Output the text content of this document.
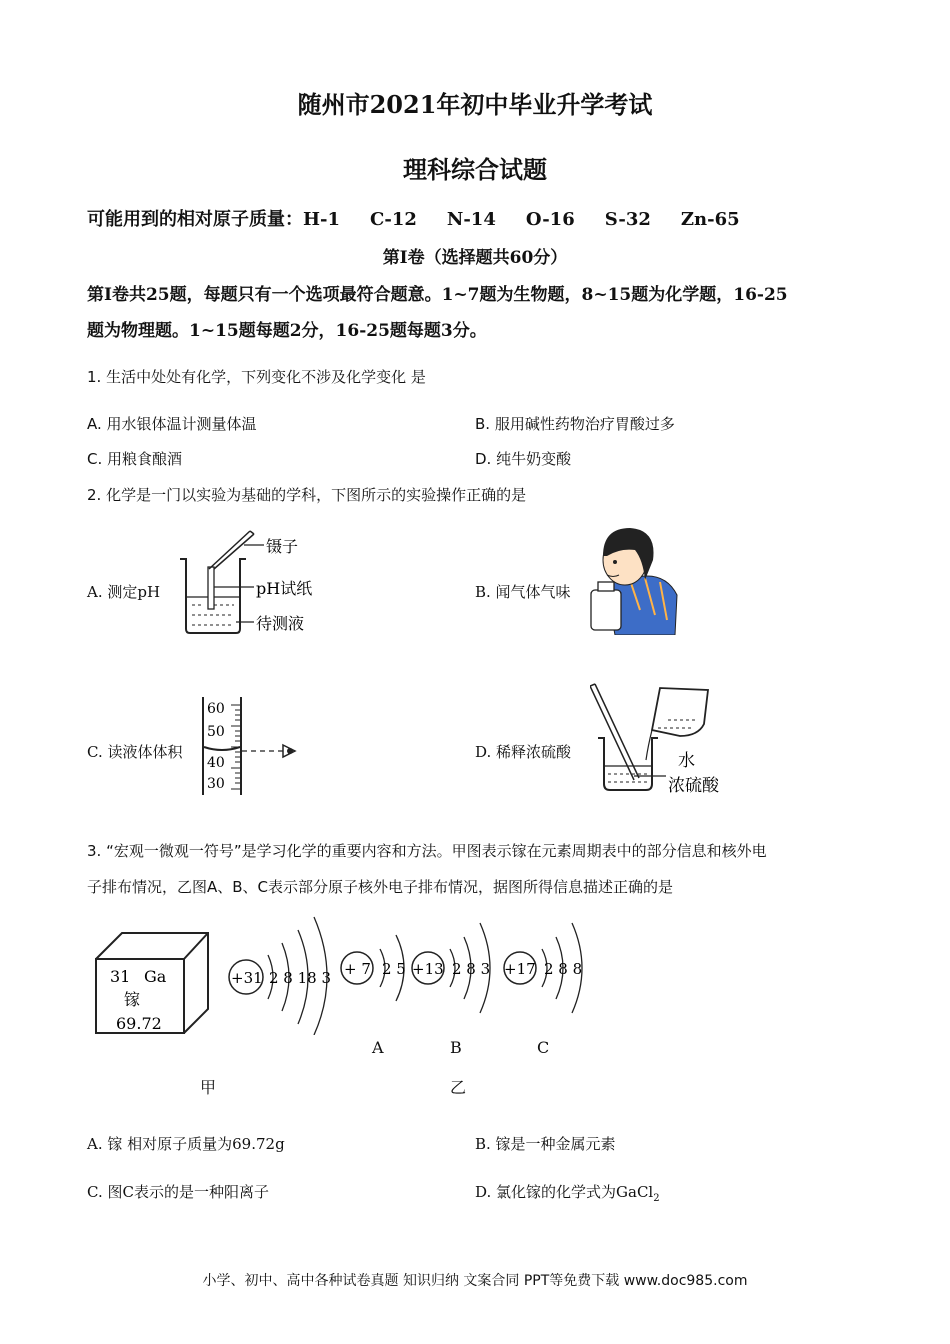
随州市2021年初中毕业升学考试
理科综合试题
可能用到的相对原子质量：H-1 C-12 N-14 O-16 S-32 Zn-65
第Ⅰ卷（选择题共60分）
第Ⅰ卷共25题，每题只有一个选项最符合题意。1~7题为生物题，8~15题为化学题，16-25
题为物理题。1~15题每题2分，16-25题每题3分。
1. 生活中处处有化学，下列变化不涉及化学变化 是
A. 用水银体温计测量体温	B. 服用碱性药物治疗胃酸过多
C. 用粮食酿酒	D. 纯牛奶变酸
2. 化学是一门以实验为基础的学科，下图所示的实验操作正确的是
A. 测定pH	B. 闻气体气味
C. 读液体体积	D. 稀释浓硫酸
镊子
pH试纸
待测液
60
50
40
30
水
浓硫酸
3. “宏观一微观一符号”是学习化学的重要内容和方法。甲图表示镓在元素周期表中的部分信息和核外电
子排布情况，乙图A、B、C表示部分原子核外电子排布情况，据图所得信息描述正确的是
31 Ga
镓
69.72
+31 2 8 18 3 + 7 2 5
A
+13 2 8 3
B
+17 2 8 8
C
甲	乙
A. 镓 相对原子质量为69.72g	B. 镓是一种金属元素
C. 图C表示的是一种阳离子	D. 氯化镓的化学式为GaCl$_2$
小学、初中、高中各种试卷真题 知识归纳 文案合同 PPT等免费下载 www.doc985.com
